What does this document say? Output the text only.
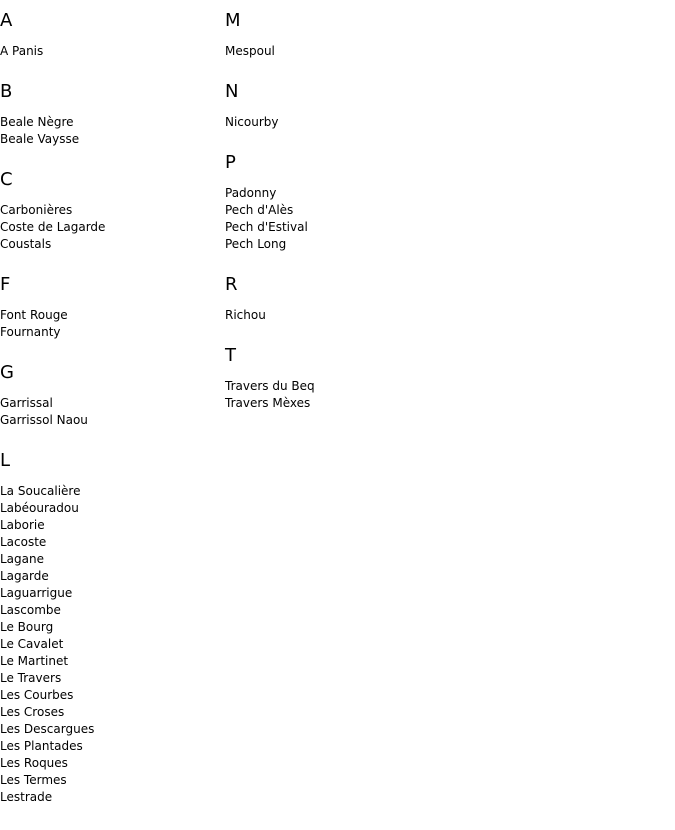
A
A Panis
B
Beale Nègre
Beale Vaysse
C
Carbonières
Coste de Lagarde
Coustals
F
Font Rouge
Fournanty
G
Garrissal
Garrissol Naou
L
La Soucalière
Labéouradou
Laborie
Lacoste
Lagane
Lagarde
Laguarrigue
Lascombe
Le Bourg
Le Cavalet
Le Martinet
Le Travers
Les Courbes
Les Croses
Les Descargues
Les Plantades
Les Roques
Les Termes
Lestrade
M
Mespoul
N
Nicourby
P
Padonny
Pech d'Alès
Pech d'Estival
Pech Long
R
Richou
T
Travers du Beq
Travers Mèxes
